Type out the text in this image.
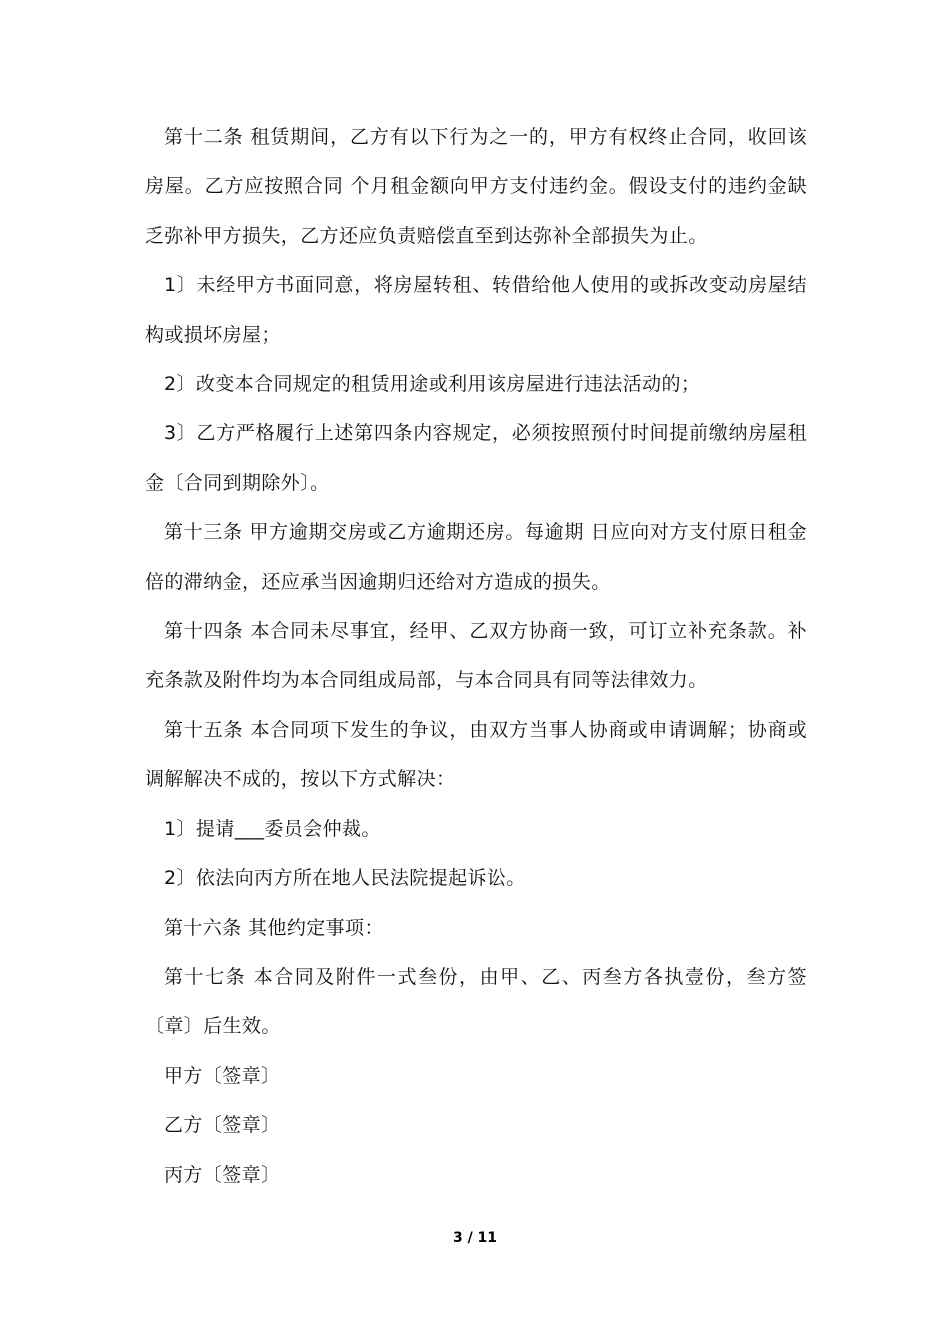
第十二条 租赁期间，乙方有以下行为之一的，甲方有权终止合同，收回该房屋。乙方应按照合同 个月租金额向甲方支付违约金。假设支付的违约金缺乏弥补甲方损失，乙方还应负责赔偿直至到达弥补全部损失为止。

1〕未经甲方书面同意，将房屋转租、转借给他人使用的或拆改变动房屋结构或损坏房屋；

2〕改变本合同规定的租赁用途或利用该房屋进行违法活动的；

3〕乙方严格履行上述第四条内容规定，必须按照预付时间提前缴纳房屋租金〔合同到期除外〕。

第十三条 甲方逾期交房或乙方逾期还房。每逾期 日应向对方支付原日租金倍的滞纳金，还应承当因逾期归还给对方造成的损失。

第十四条 本合同未尽事宜，经甲、乙双方协商一致，可订立补充条款。补充条款及附件均为本合同组成局部，与本合同具有同等法律效力。

第十五条 本合同项下发生的争议，由双方当事人协商或申请调解；协商或调解解决不成的，按以下方式解决：

1〕提请___委员会仲裁。

2〕依法向丙方所在地人民法院提起诉讼。

第十六条 其他约定事项：

第十七条 本合同及附件一式叁份，由甲、乙、丙叁方各执壹份，叁方签〔章〕后生效。

甲方〔签章〕

乙方〔签章〕

丙方〔签章〕

3 / 11
